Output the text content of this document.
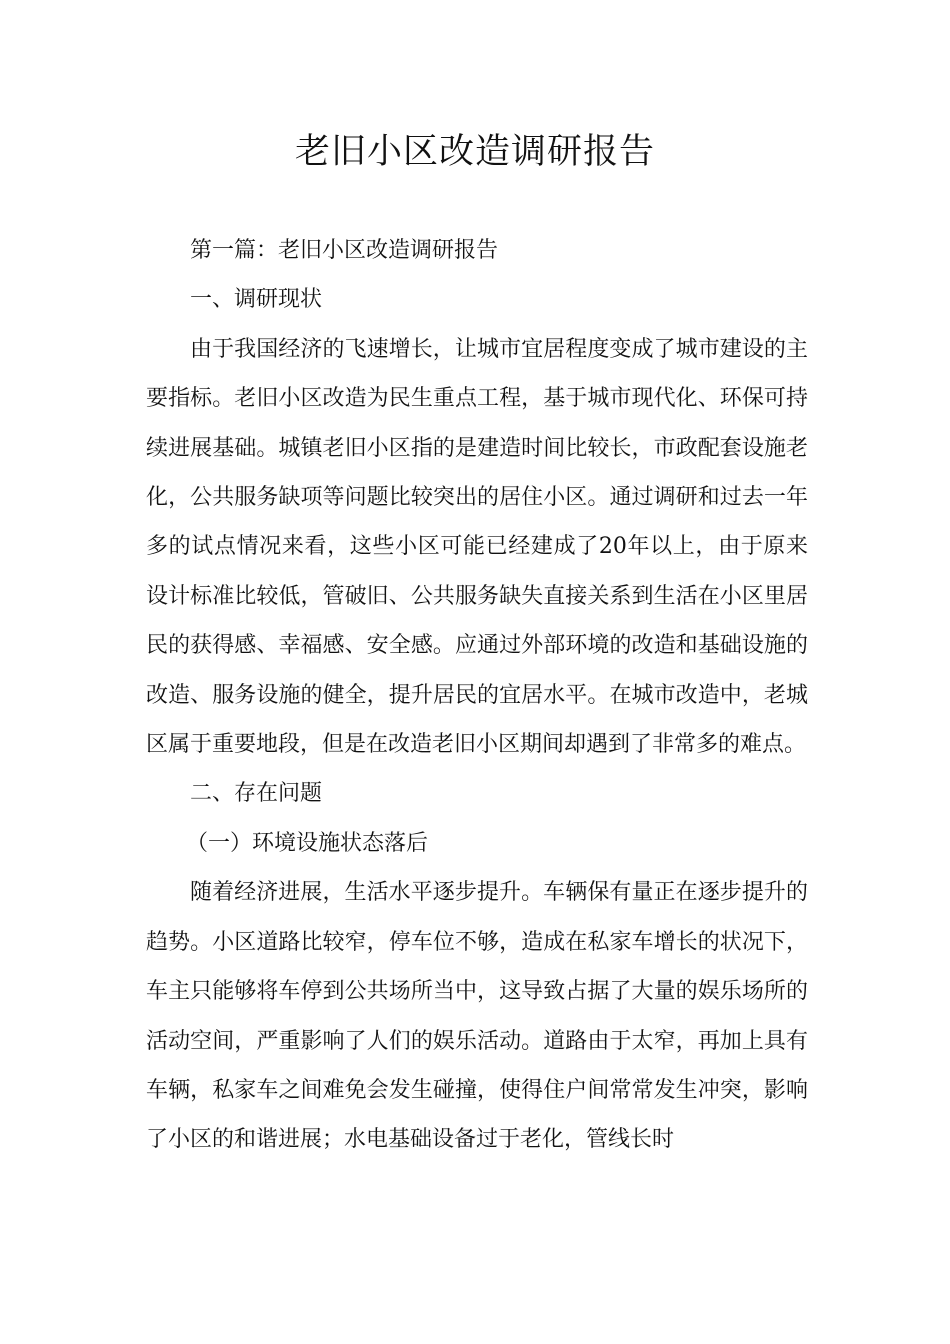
老旧小区改造调研报告

第一篇：老旧小区改造调研报告

一、调研现状

由于我国经济的飞速增长，让城市宜居程度变成了城市建设的主要指标。老旧小区改造为民生重点工程，基于城市现代化、环保可持续进展基础。城镇老旧小区指的是建造时间比较长，市政配套设施老化，公共服务缺项等问题比较突出的居住小区。通过调研和过去一年多的试点情况来看，这些小区可能已经建成了20年以上，由于原来设计标准比较低，管破旧、公共服务缺失直接关系到生活在小区里居民的获得感、幸福感、安全感。应通过外部环境的改造和基础设施的改造、服务设施的健全，提升居民的宜居水平。在城市改造中，老城区属于重要地段，但是在改造老旧小区期间却遇到了非常多的难点。

二、存在问题

（一）环境设施状态落后

随着经济进展，生活水平逐步提升。车辆保有量正在逐步提升的趋势。小区道路比较窄，停车位不够，造成在私家车增长的状况下，车主只能够将车停到公共场所当中，这导致占据了大量的娱乐场所的活动空间，严重影响了人们的娱乐活动。道路由于太窄，再加上具有车辆，私家车之间难免会发生碰撞，使得住户间常常发生冲突，影响了小区的和谐进展；水电基础设备过于老化，管线长时
